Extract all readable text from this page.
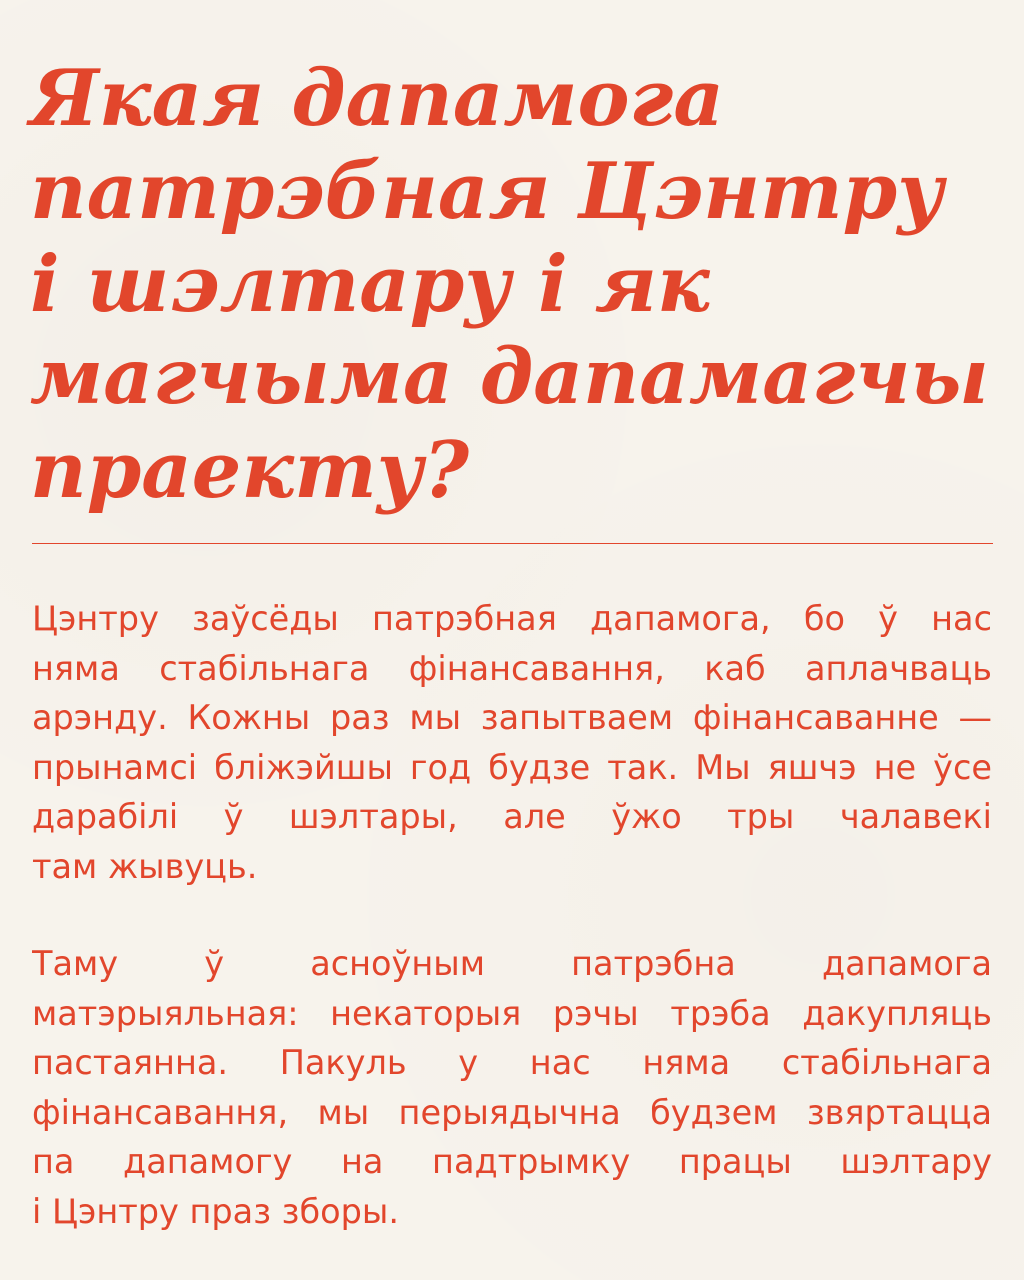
Якая дапамога
патрэбная Цэнтру
і шэлтару і як
магчыма дапамагчы
праекту?

Цэнтру заўсёды патрэбная дапамога, бо ў нас
няма стабільнага фінансавання, каб аплачваць
арэнду. Кожны раз мы запытваем фінансаванне —
прынамсі бліжэйшы год будзе так. Мы яшчэ не ўсе
дарабілі ў шэлтары, але ўжо тры чалавекі
там жывуць.

Таму ў асноўным патрэбна дапамога
матэрыяльная: некаторыя рэчы трэба дакупляць
пастаянна. Пакуль у нас няма стабільнага
фінансавання, мы перыядычна будзем звяртацца
па дапамогу на падтрымку працы шэлтару
і Цэнтру праз зборы.
